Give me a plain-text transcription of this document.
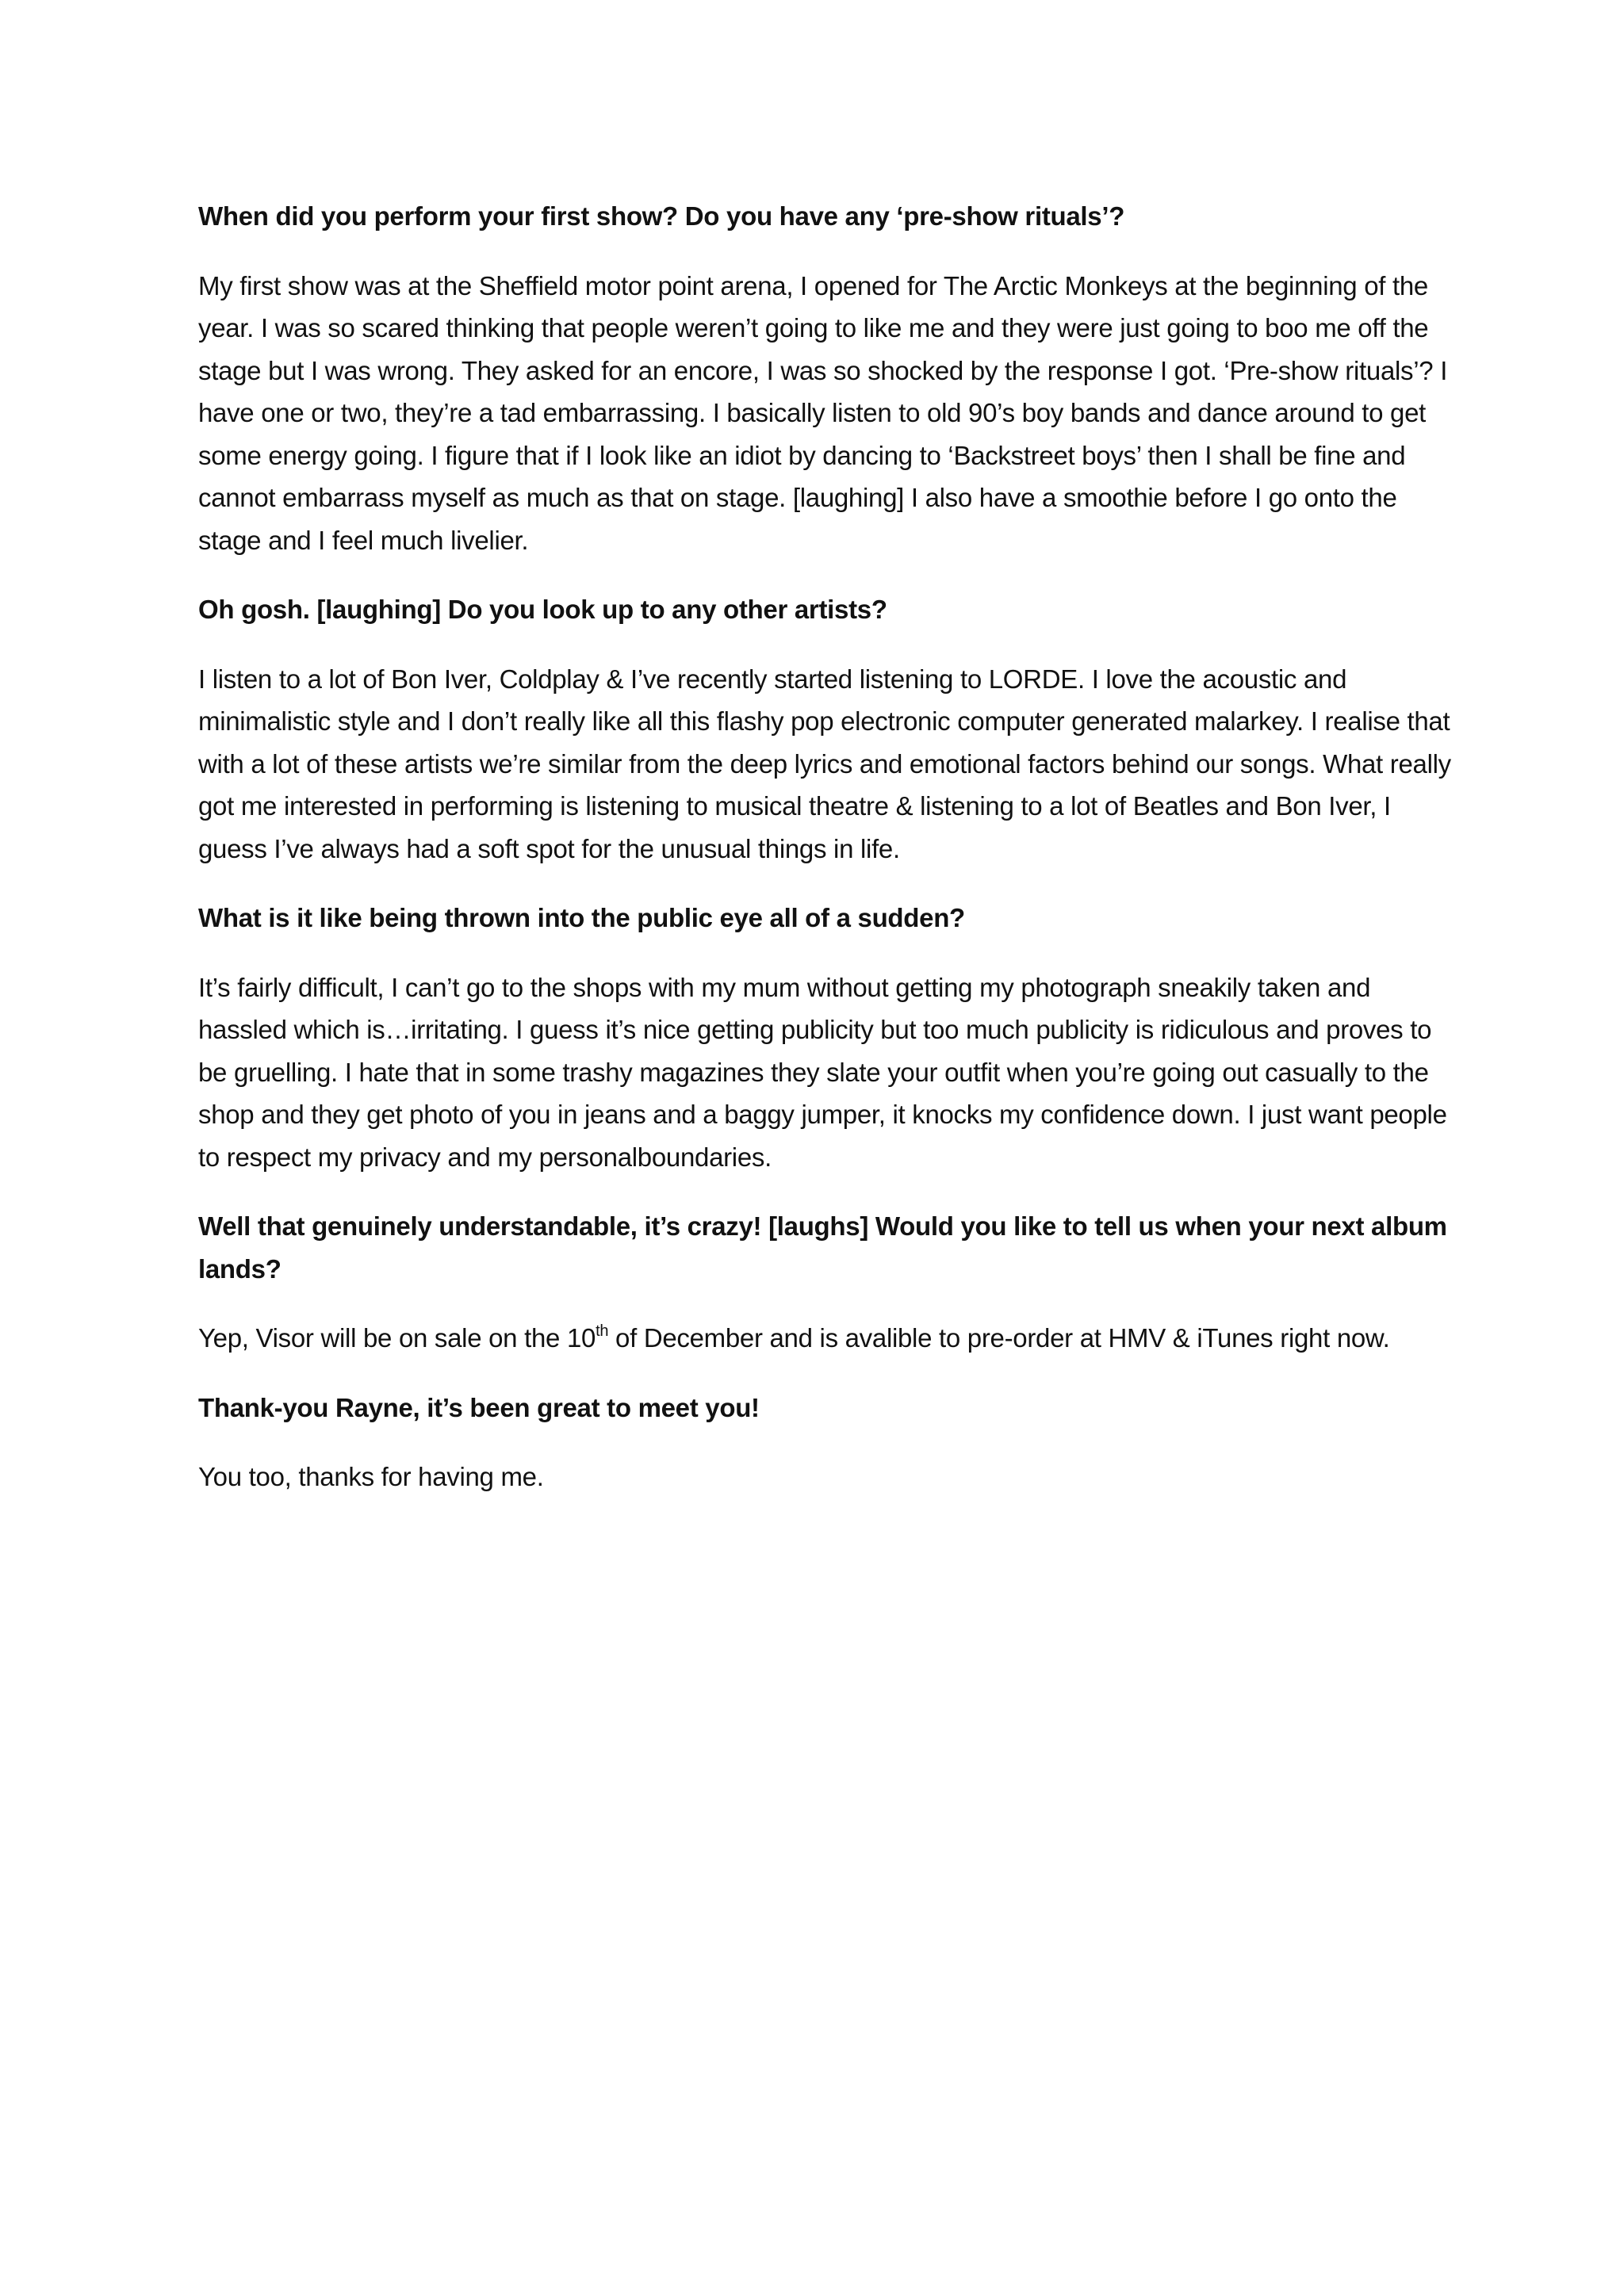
When did you perform your first show? Do you have any ‘pre-show rituals’?

My first show was at the Sheffield motor point arena, I opened for The Arctic Monkeys at the beginning of the year. I was so scared thinking that people weren’t going to like me and they were just going to boo me off the stage but I was wrong. They asked for an encore, I was so shocked by the response I got. ‘Pre-show rituals’? I have one or two, they’re a tad embarrassing. I basically listen to old 90’s boy bands and dance around to get some energy going. I figure that if I look like an idiot by dancing to ‘Backstreet boys’ then I shall be fine and cannot embarrass myself as much as that on stage. [laughing] I also have a smoothie before I go onto the stage and I feel much livelier.

Oh gosh. [laughing] Do you look up to any other artists?

I listen to a lot of Bon Iver, Coldplay & I’ve recently started listening to LORDE. I love the acoustic and minimalistic style and I don’t really like all this flashy pop electronic computer generated malarkey. I realise that with a lot of these artists we’re similar from the deep lyrics and emotional factors behind our songs. What really got me interested in performing is listening to musical theatre & listening to a lot of Beatles and Bon Iver, I guess I’ve always had a soft spot for the unusual things in life.

What is it like being thrown into the public eye all of a sudden?

It’s fairly difficult, I can’t go to the shops with my mum without getting my photograph sneakily taken and hassled which is…irritating. I guess it’s nice getting publicity but too much publicity is ridiculous and proves to be gruelling. I hate that in some trashy magazines they slate your outfit when you’re going out casually to the shop and they get photo of you in jeans and a baggy jumper, it knocks my confidence down. I just want people to respect my privacy and my personalboundaries.

Well that genuinely understandable, it’s crazy! [laughs] Would you like to tell us when your next album lands?

Yep, Visor will be on sale on the 10th of December and is avalible to pre-order at HMV & iTunes right now.

Thank-you Rayne, it’s been great to meet you!

You too, thanks for having me.
